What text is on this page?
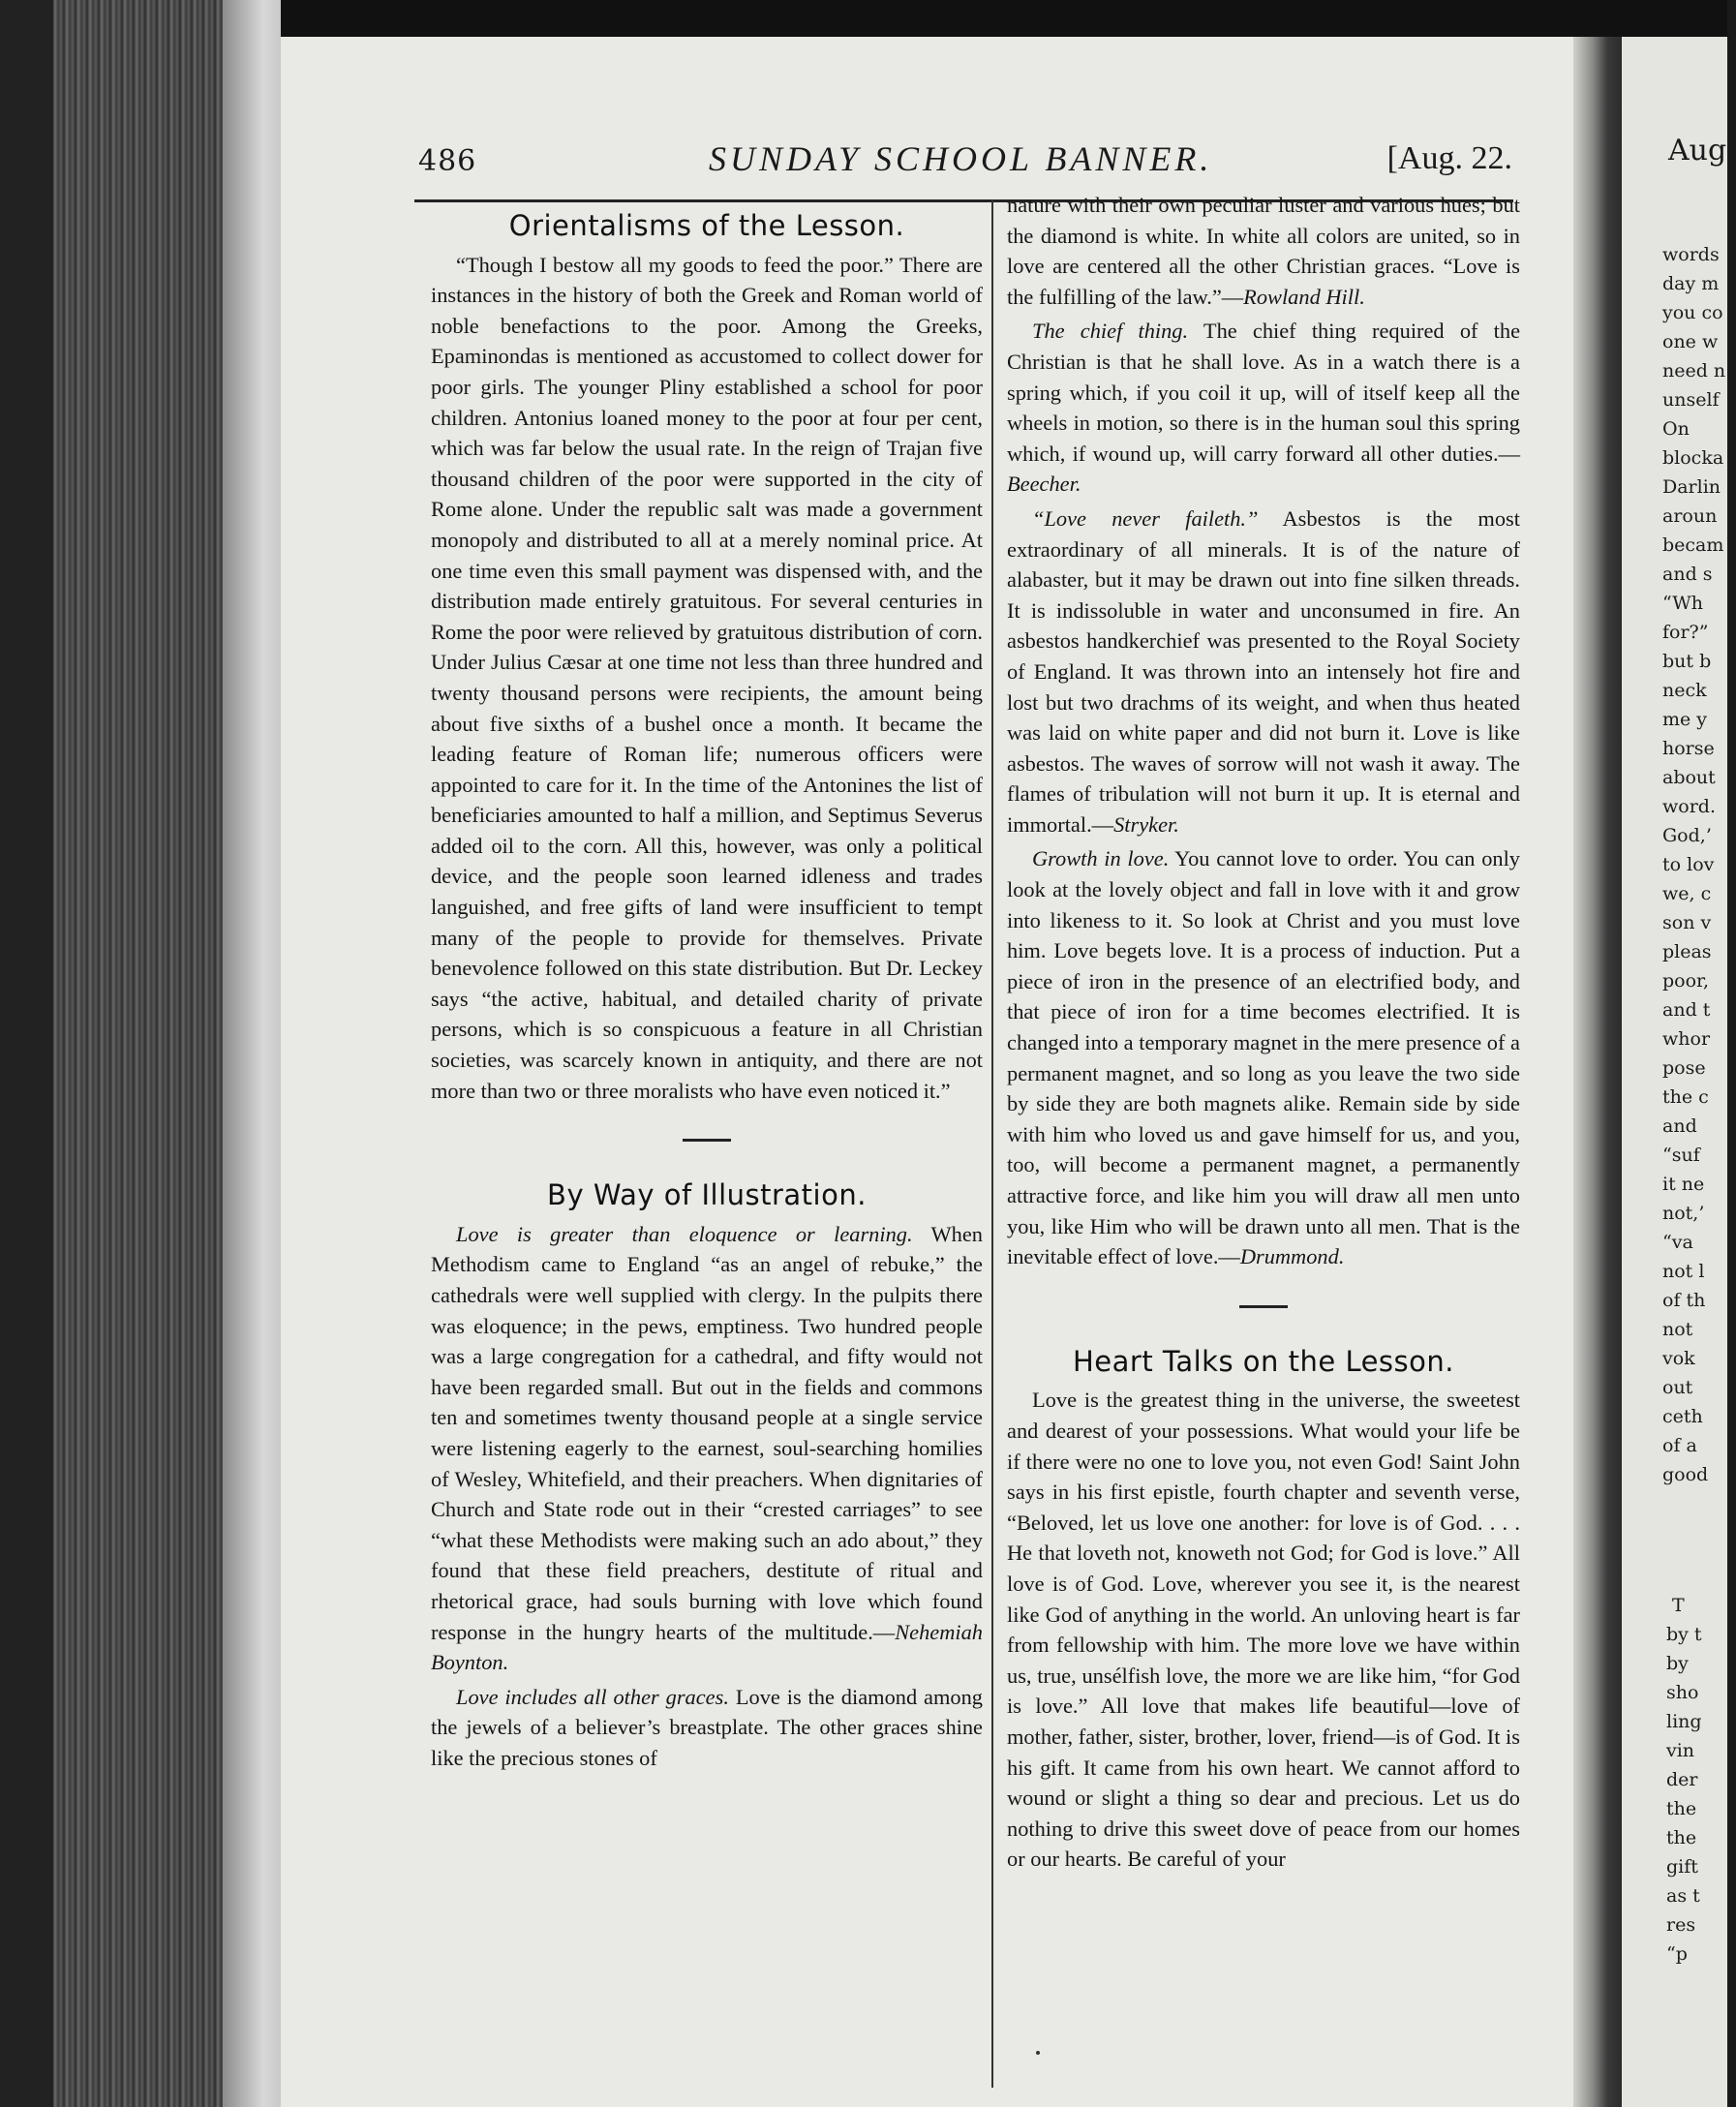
486	SUNDAY SCHOOL BANNER.	[Aug. 22.
Orientalisms of the Lesson.

“Though I bestow all my goods to feed the poor.” There are instances in the history of both the Greek and Roman world of noble benefactions to the poor. Among the Greeks, Epaminondas is mentioned as accustomed to collect dower for poor girls. The younger Pliny established a school for poor children. Antonius loaned money to the poor at four per cent, which was far below the usual rate. In the reign of Trajan five thousand children of the poor were supported in the city of Rome alone. Under the republic salt was made a government monopoly and distributed to all at a merely nominal price. At one time even this small payment was dispensed with, and the distribution made entirely gratuitous. For several centuries in Rome the poor were relieved by gratuitous distribution of corn. Under Julius Cæsar at one time not less than three hundred and twenty thousand persons were recipients, the amount being about five sixths of a bushel once a month. It became the leading feature of Roman life; numerous officers were appointed to care for it. In the time of the Antonines the list of beneficiaries amounted to half a million, and Septimus Severus added oil to the corn. All this, however, was only a political device, and the people soon learned idleness and trades languished, and free gifts of land were insufficient to tempt many of the people to provide for themselves. Private benevolence followed on this state distribution. But Dr. Leckey says “the active, habitual, and detailed charity of private persons, which is so conspicuous a feature in all Christian societies, was scarcely known in antiquity, and there are not more than two or three moralists who have even noticed it.”

By Way of Illustration.

Love is greater than eloquence or learning. When Methodism came to England “as an angel of rebuke,” the cathedrals were well supplied with clergy. In the pulpits there was eloquence; in the pews, emptiness. Two hundred people was a large congregation for a cathedral, and fifty would not have been regarded small. But out in the fields and commons ten and sometimes twenty thousand people at a single service were listening eagerly to the earnest, soul-searching homilies of Wesley, Whitefield, and their preachers. When dignitaries of Church and State rode out in their “crested carriages” to see “what these Methodists were making such an ado about,” they found that these field preachers, destitute of ritual and rhetorical grace, had souls burning with love which found response in the hungry hearts of the multitude.—Nehemiah Boynton.

Love includes all other graces. Love is the diamond among the jewels of a believer’s breastplate. The other graces shine like the precious stones of

nature with their own peculiar luster and various hues; but the diamond is white. In white all colors are united, so in love are centered all the other Christian graces. “Love is the fulfilling of the law.”—Rowland Hill.

The chief thing. The chief thing required of the Christian is that he shall love. As in a watch there is a spring which, if you coil it up, will of itself keep all the wheels in motion, so there is in the human soul this spring which, if wound up, will carry forward all other duties.—Beecher.

“Love never faileth.” Asbestos is the most extraordinary of all minerals. It is of the nature of alabaster, but it may be drawn out into fine silken threads. It is indissoluble in water and unconsumed in fire. An asbestos handkerchief was presented to the Royal Society of England. It was thrown into an intensely hot fire and lost but two drachms of its weight, and when thus heated was laid on white paper and did not burn it. Love is like asbestos. The waves of sorrow will not wash it away. The flames of tribulation will not burn it up. It is eternal and immortal.—Stryker.

Growth in love. You cannot love to order. You can only look at the lovely object and fall in love with it and grow into likeness to it. So look at Christ and you must love him. Love begets love. It is a process of induction. Put a piece of iron in the presence of an electrified body, and that piece of iron for a time becomes electrified. It is changed into a temporary magnet in the mere presence of a permanent magnet, and so long as you leave the two side by side they are both magnets alike. Remain side by side with him who loved us and gave himself for us, and you, too, will become a permanent magnet, a permanently attractive force, and like him you will draw all men unto you, like Him who will be drawn unto all men. That is the inevitable effect of love.—Drummond.

Heart Talks on the Lesson.

Love is the greatest thing in the universe, the sweetest and dearest of your possessions. What would your life be if there were no one to love you, not even God! Saint John says in his first epistle, fourth chapter and seventh verse, “Beloved, let us love one another: for love is of God. . . . He that loveth not, knoweth not God; for God is love.” All love is of God. Love, wherever you see it, is the nearest like God of anything in the world. An unloving heart is far from fellowship with him. The more love we have within us, true, unsélfish love, the more we are like him, “for God is love.” All love that makes life beautiful—love of mother, father, sister, brother, lover, friend—is of God. It is his gift. It came from his own heart. We cannot afford to wound or slight a thing so dear and precious. Let us do nothing to drive this sweet dove of peace from our homes or our hearts. Be careful of your

Aug.
words
day m
you co
one w
need n
unself
On
blocka
Darlin
aroun
becam
and s
“Wh
for?”
but b
neck
me y
horse
about
word.
God,’
to lov
we, c
son v
pleas
poor,
and t
whor
pose
the c
and
“suf
it ne
not,’
“va
not l
of th
not
vok
out
ceth
of a
good
T
by t
by
sho
ling
vin
der
the
the
gift
as t
res
“p
